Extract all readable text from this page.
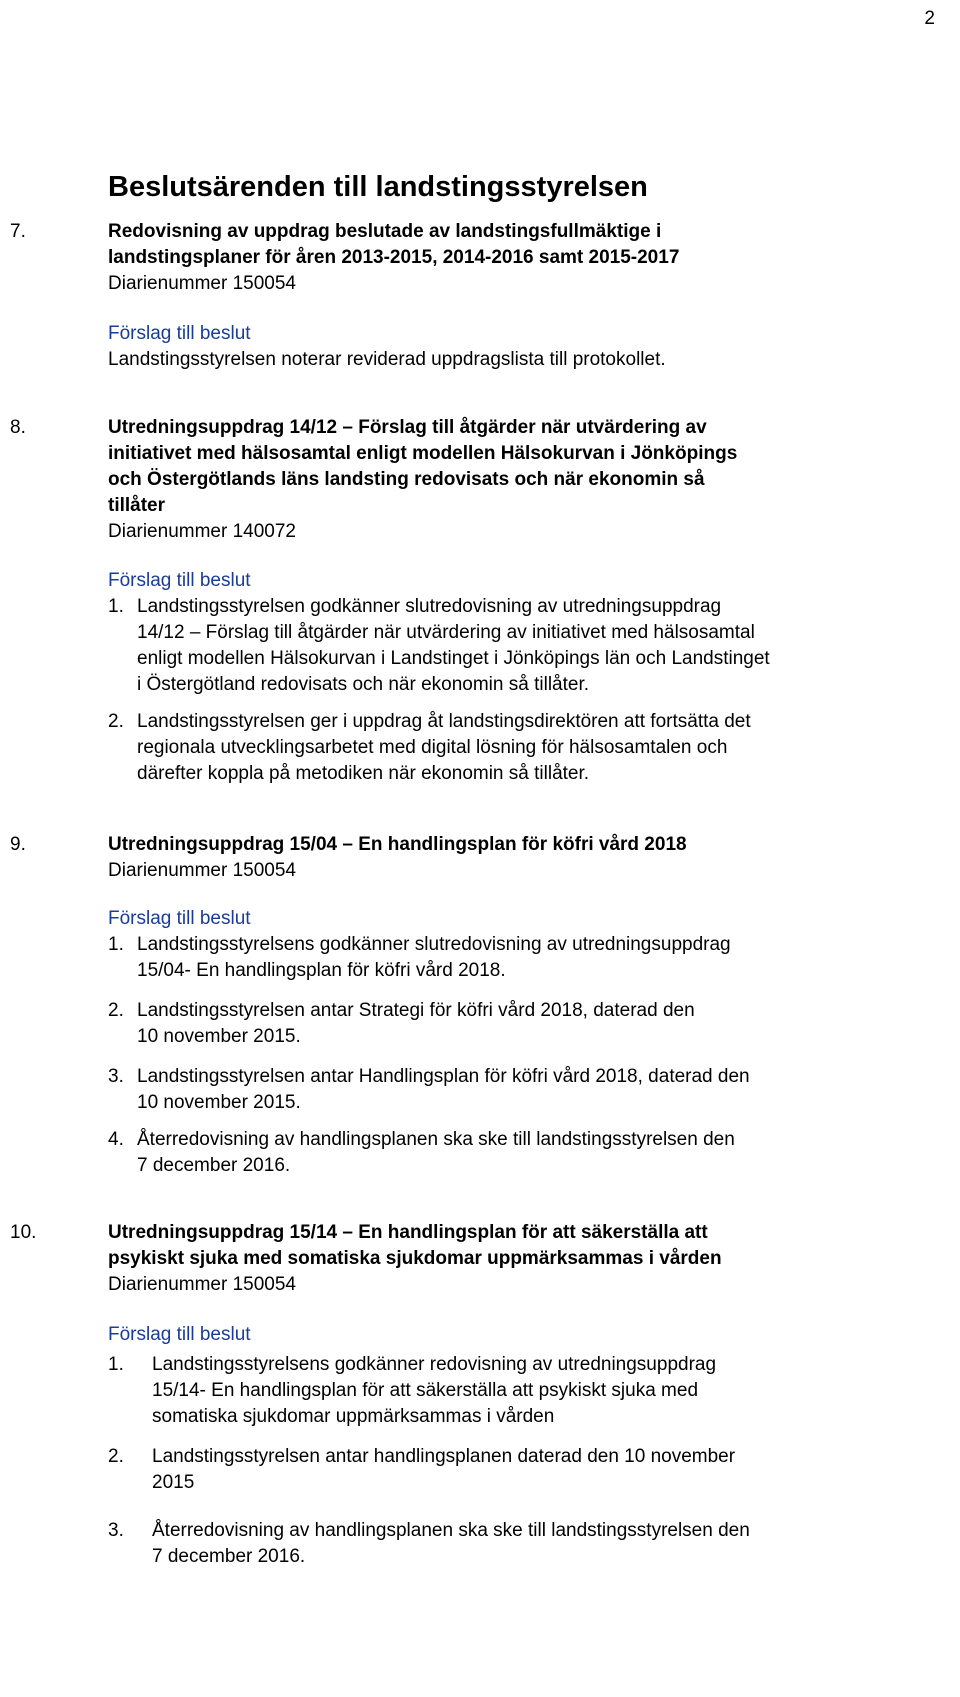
2

Beslutsärenden till landstingsstyrelsen
7.	Redovisning av uppdrag beslutade av landstingsfullmäktige i
landstingsplaner för åren 2013-2015, 2014-2016 samt 2015-2017
Diarienummer 150054
Förslag till beslut
Landstingsstyrelsen noterar reviderad uppdragslista till protokollet.
8.	Utredningsuppdrag 14/12 – Förslag till åtgärder när utvärdering av
initiativet med hälsosamtal enligt modellen Hälsokurvan i Jönköpings
och Östergötlands läns landsting redovisats och när ekonomin så
tillåter
Diarienummer 140072
Förslag till beslut
1. Landstingsstyrelsen godkänner slutredovisning av utredningsuppdrag
14/12 – Förslag till åtgärder när utvärdering av initiativet med hälsosamtal
enligt modellen Hälsokurvan i Landstinget i Jönköpings län och Landstinget
i Östergötland redovisats och när ekonomin så tillåter.
2. Landstingsstyrelsen ger i uppdrag åt landstingsdirektören att fortsätta det
regionala utvecklingsarbetet med digital lösning för hälsosamtalen och
därefter koppla på metodiken när ekonomin så tillåter.
9.	Utredningsuppdrag 15/04 – En handlingsplan för köfri vård 2018
Diarienummer 150054
Förslag till beslut
1. Landstingsstyrelsens godkänner slutredovisning av utredningsuppdrag
15/04- En handlingsplan för köfri vård 2018.
2. Landstingsstyrelsen antar Strategi för köfri vård 2018, daterad den
10 november 2015.
3. Landstingsstyrelsen antar Handlingsplan för köfri vård 2018, daterad den
10 november 2015.
4. Återredovisning av handlingsplanen ska ske till landstingsstyrelsen den
7 december 2016.
10.	Utredningsuppdrag 15/14 – En handlingsplan för att säkerställa att
psykiskt sjuka med somatiska sjukdomar uppmärksammas i vården
Diarienummer 150054
Förslag till beslut
1. Landstingsstyrelsens godkänner redovisning av utredningsuppdrag
15/14- En handlingsplan för att säkerställa att psykiskt sjuka med
somatiska sjukdomar uppmärksammas i vården
2. Landstingsstyrelsen antar handlingsplanen daterad den 10 november
2015
3. Återredovisning av handlingsplanen ska ske till landstingsstyrelsen den
7 december 2016.
